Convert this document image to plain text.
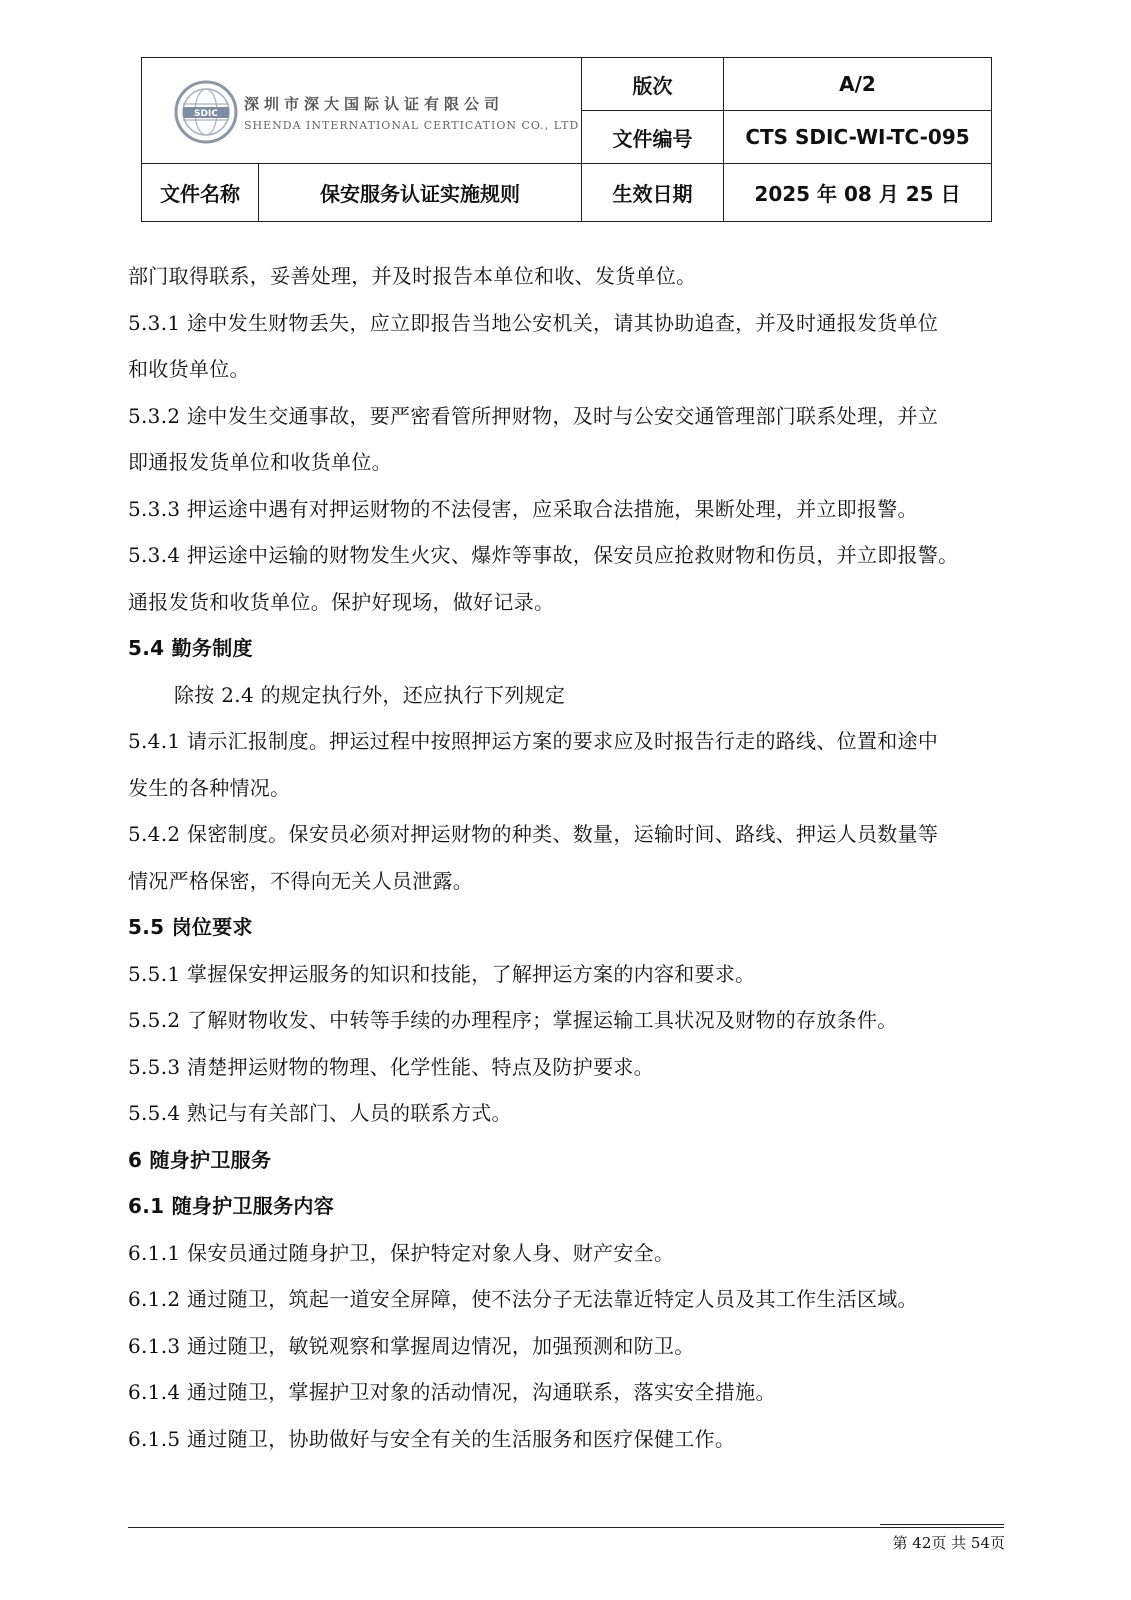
SDIC
深圳市深大国际认证有限公司
SHENDA INTERNATIONAL CERTICATION CO., LTD		版次	A/2
		文件编号	CTS SDIC-WI-TC-095
文件名称	保安服务认证实施规则	生效日期	2025 年 08 月 25 日
部门取得联系，妥善处理，并及时报告本单位和收、发货单位。
5.3.1 途中发生财物丢失，应立即报告当地公安机关，请其协助追查，并及时通报发货单位
和收货单位。
5.3.2 途中发生交通事故，要严密看管所押财物，及时与公安交通管理部门联系处理，并立
即通报发货单位和收货单位。
5.3.3 押运途中遇有对押运财物的不法侵害，应采取合法措施，果断处理，并立即报警。
5.3.4 押运途中运输的财物发生火灾、爆炸等事故，保安员应抢救财物和伤员，并立即报警。
通报发货和收货单位。保护好现场，做好记录。
5.4 勤务制度
除按 2.4 的规定执行外，还应执行下列规定
5.4.1 请示汇报制度。押运过程中按照押运方案的要求应及时报告行走的路线、位置和途中
发生的各种情况。
5.4.2 保密制度。保安员必须对押运财物的种类、数量，运输时间、路线、押运人员数量等
情况严格保密，不得向无关人员泄露。
5.5 岗位要求
5.5.1 掌握保安押运服务的知识和技能，了解押运方案的内容和要求。
5.5.2 了解财物收发、中转等手续的办理程序；掌握运输工具状况及财物的存放条件。
5.5.3 清楚押运财物的物理、化学性能、特点及防护要求。
5.5.4 熟记与有关部门、人员的联系方式。
6 随身护卫服务
6.1 随身护卫服务内容
6.1.1 保安员通过随身护卫，保护特定对象人身、财产安全。
6.1.2 通过随卫，筑起一道安全屏障，使不法分子无法靠近特定人员及其工作生活区域。
6.1.3 通过随卫，敏锐观察和掌握周边情况，加强预测和防卫。
6.1.4 通过随卫，掌握护卫对象的活动情况，沟通联系，落实安全措施。
6.1.5 通过随卫，协助做好与安全有关的生活服务和医疗保健工作。
第 42页 共 54页
